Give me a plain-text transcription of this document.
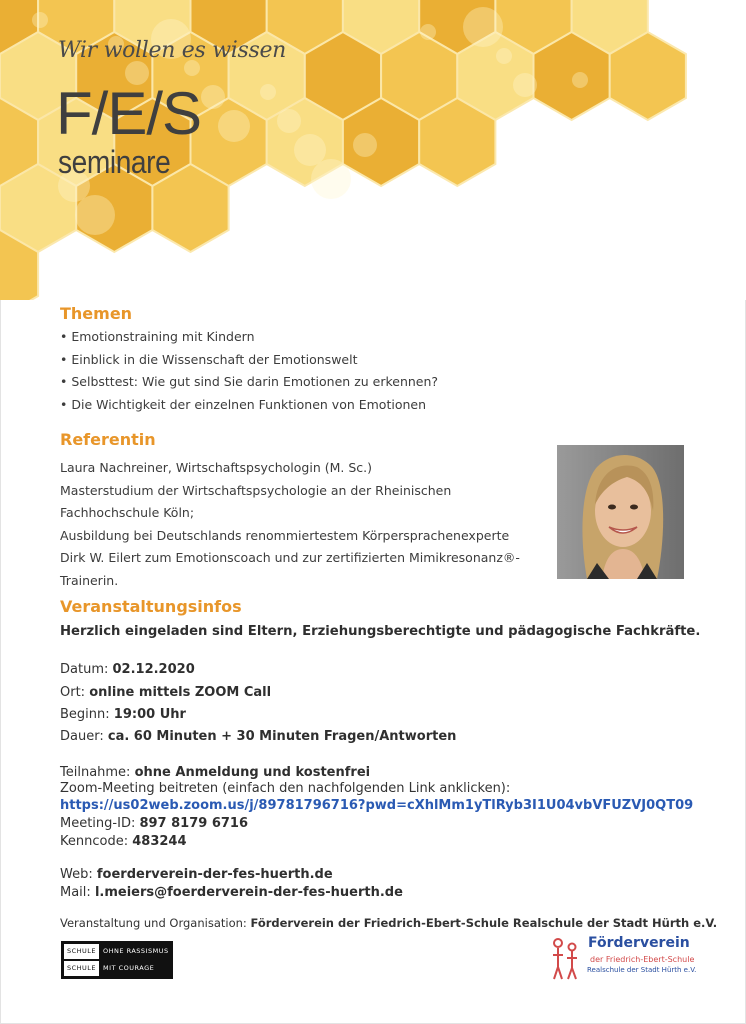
Wir wollen es wissen
F/E/S
seminare
Themen
• Emotionstraining mit Kindern
• Einblick in die Wissenschaft der Emotionswelt
• Selbsttest: Wie gut sind Sie darin Emotionen zu erkennen?
• Die Wichtigkeit der einzelnen Funktionen von Emotionen
Referentin
Laura Nachreiner, Wirtschaftspsychologin (M. Sc.)
Masterstudium der Wirtschaftspsychologie an der Rheinischen
Fachhochschule Köln;
Ausbildung bei Deutschlands renommiertestem Körpersprachenexperte
Dirk W. Eilert zum Emotionscoach und zur zertifizierten Mimikresonanz®-
Trainerin.
Veranstaltungsinfos
Herzlich eingeladen sind Eltern, Erziehungsberechtigte und pädagogische Fachkräfte.
Datum: 02.12.2020
Ort: online mittels ZOOM Call
Beginn: 19:00 Uhr
Dauer: ca. 60 Minuten + 30 Minuten Fragen/Antworten
Teilnahme: ohne Anmeldung und kostenfrei
Zoom-Meeting beitreten (einfach den nachfolgenden Link anklicken):
https://us02web.zoom.us/j/89781796716?pwd=cXhlMm1yTlRyb3I1U04vbVFUZVJ0QT09
Meeting-ID: 897 8179 6716
Kenncode: 483244
Web: foerderverein-der-fes-huerth.de
Mail: l.meiers@foerderverein-der-fes-huerth.de
Veranstaltung und Organisation: Förderverein der Friedrich-Ebert-Schule Realschule der Stadt Hürth e.V.
SCHULE	OHNE RASSISMUS
SCHULE	MIT COURAGE
Förderverein
der Friedrich-Ebert-Schule
Realschule der Stadt Hürth e.V.
